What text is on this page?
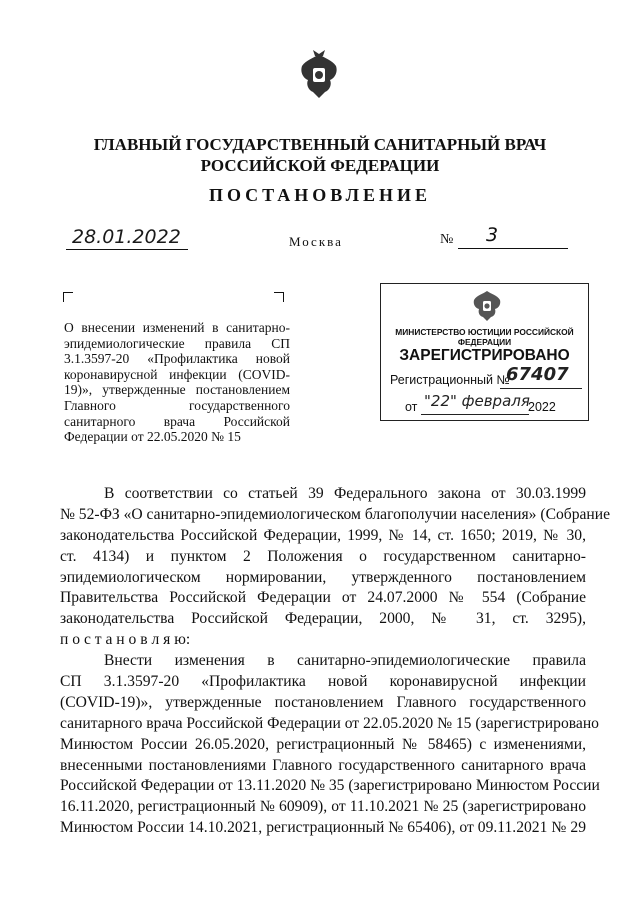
ГЛАВНЫЙ ГОСУДАРСТВЕННЫЙ САНИТАРНЫЙ ВРАЧ
РОССИЙСКОЙ ФЕДЕРАЦИИ
ПОСТАНОВЛЕНИЕ
28.01.2022	Москва	№ 3
О внесении изменений в санитарно-эпидемиологические правила СП 3.1.3597-20 «Профилактика новой коронавирусной инфекции (COVID-19)», утвержденные постановлением Главного государственного санитарного врача Российской Федерации от 22.05.2020 № 15
МИНИСТЕРСТВО ЮСТИЦИИ РОССИЙСКОЙ ФЕДЕРАЦИИ
ЗАРЕГИСТРИРОВАНО
Регистрационный №
67407
от "22" февраля
2022
В соответствии со статьей 39 Федерального закона от 30.03.1999
№ 52-ФЗ «О санитарно-эпидемиологическом благополучии населения» (Собрание
законодательства Российской Федерации, 1999, № 14, ст. 1650; 2019, № 30,
ст. 4134) и пунктом 2 Положения о государственном санитарно-
эпидемиологическом нормировании, утвержденного постановлением
Правительства Российской Федерации от 24.07.2000 № 554 (Собрание
законодательства Российской Федерации, 2000, № 31, ст. 3295),
п о с т а н о в л я ю:
Внести изменения в санитарно-эпидемиологические правила
СП 3.1.3597-20 «Профилактика новой коронавирусной инфекции
(COVID-19)», утвержденные постановлением Главного государственного
санитарного врача Российской Федерации от 22.05.2020 № 15 (зарегистрировано
Минюстом России 26.05.2020, регистрационный № 58465) с изменениями,
внесенными постановлениями Главного государственного санитарного врача
Российской Федерации от 13.11.2020 № 35 (зарегистрировано Минюстом России
16.11.2020, регистрационный № 60909), от 11.10.2021 № 25 (зарегистрировано
Минюстом России 14.10.2021, регистрационный № 65406), от 09.11.2021 № 29
